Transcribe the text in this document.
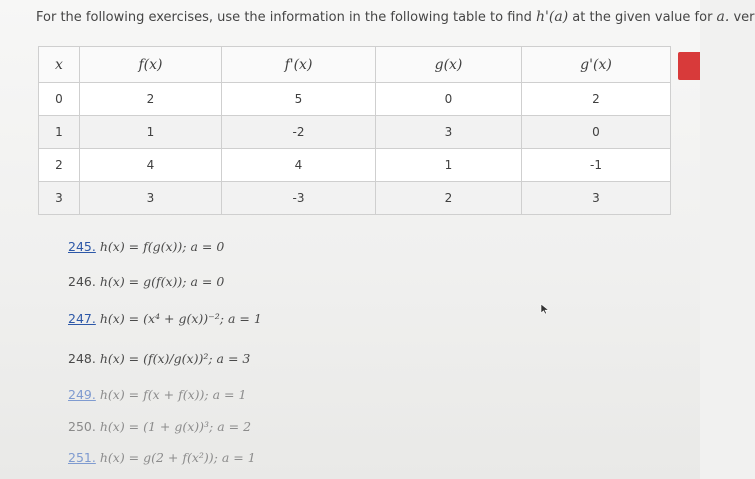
For the following exercises, use the information in the following table to find h'(a) at the given value for a. ver
x	f(x)	f'(x)	g(x)	g'(x)
0	2	5	0	2
1	1	-2	3	0
2	4	4	1	-1
3	3	-3	2	3
245. h(x) = f(g(x)); a = 0
246. h(x) = g(f(x)); a = 0
247. h(x) = (x⁴ + g(x))⁻²; a = 1
248. h(x) = (f(x)/g(x))²; a = 3
249. h(x) = f(x + f(x)); a = 1
250. h(x) = (1 + g(x))³; a = 2
251. h(x) = g(2 + f(x²)); a = 1
